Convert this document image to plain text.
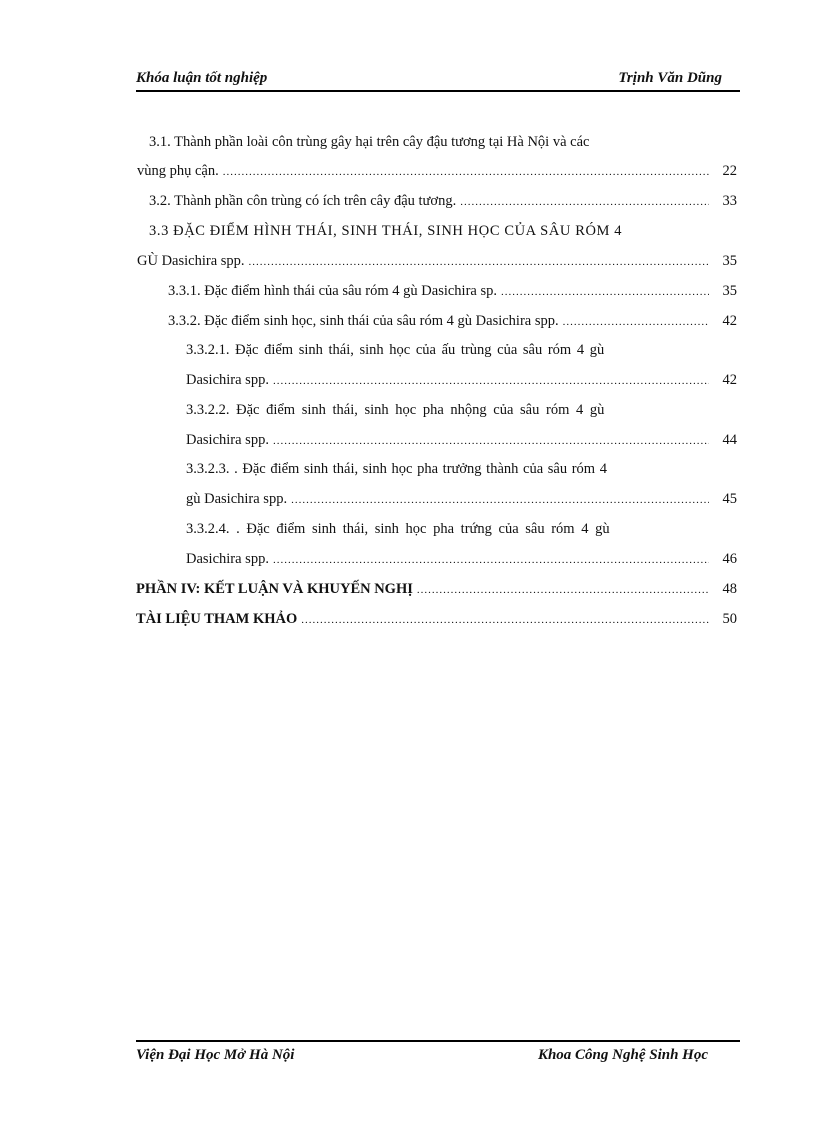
Khóa luận tốt nghiệp	Trịnh Văn Dũng
3.1. Thành phần loài côn trùng gây hại trên cây đậu tương tại Hà Nội và các
vùng phụ cận. .....	22
3.2. Thành phần côn trùng có ích trên cây đậu tương. .....	33
3.3 ĐẶC ĐIỂM HÌNH THÁI, SINH THÁI, SINH HỌC CỦA SÂU RÓM 4
GÙ Dasichira spp. .....	35
3.3.1. Đặc điểm hình thái của sâu róm 4 gù Dasichira sp. .....	35
3.3.2. Đặc điểm sinh học, sinh thái của sâu róm 4 gù Dasichira spp. .....	42
3.3.2.1. Đặc điểm sinh thái, sinh học của ấu trùng của sâu róm 4 gù
Dasichira spp. .....	42
3.3.2.2. Đặc điểm sinh thái, sinh học pha nhộng của sâu róm 4 gù
Dasichira spp. .....	44
3.3.2.3. . Đặc điểm sinh thái, sinh học pha trưởng thành của sâu róm 4
gù Dasichira spp. .....	45
3.3.2.4. . Đặc điểm sinh thái, sinh học pha trứng của sâu róm 4 gù
Dasichira spp. .....	46
PHẦN IV: KẾT LUẬN VÀ KHUYẾN NGHỊ .....	48
TÀI LIỆU THAM KHẢO .....	50
Viện Đại Học Mở Hà Nội	Khoa Công Nghệ Sinh Học
